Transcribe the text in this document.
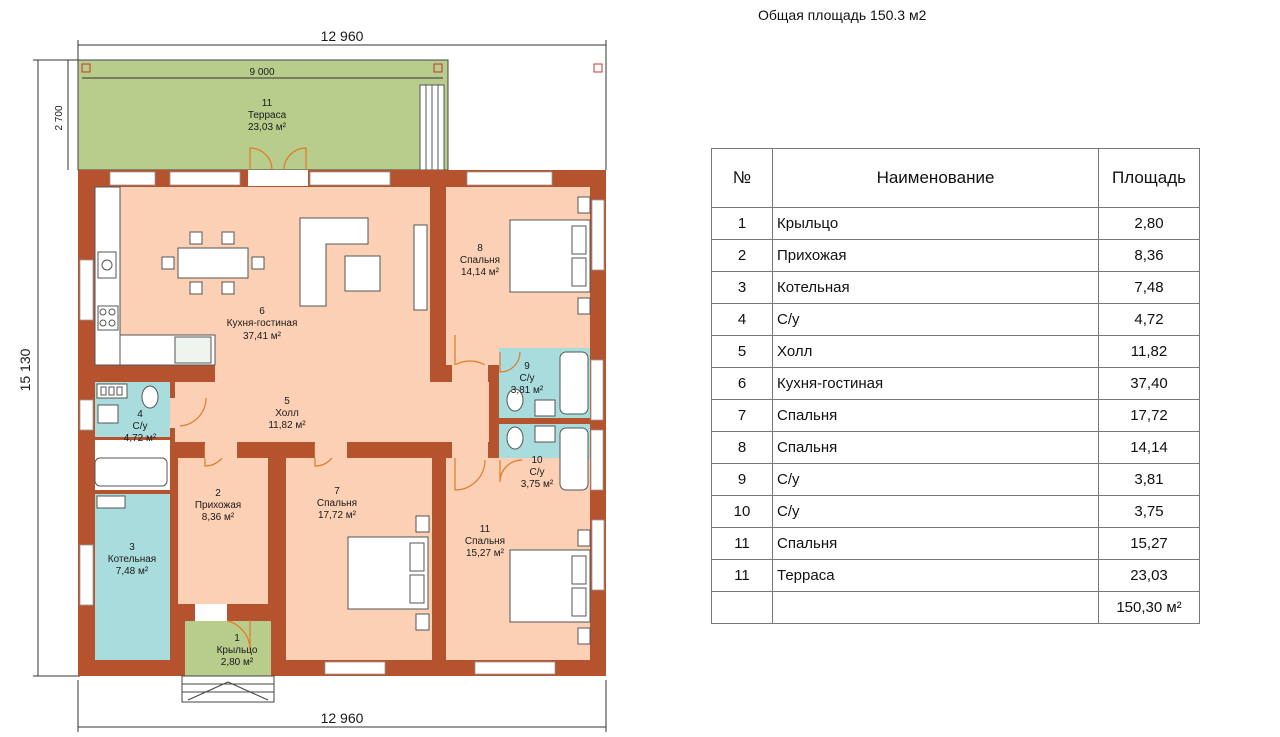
Общая площадь 150.3 м2
12 960
12 960
15 130
2 700
9 000
11
Терраса
23,03 м²
6
Кухня-гостиная
37,41 м²
8
Спальня
14,14 м²
9
С/у
3,81 м²
10
С/у
3,75 м²
4
С/у
4,72 м²
5
Холл
11,82 м²
2
Прихожая
8,36 м²
7
Спальня
17,72 м²
11
Спальня
15,27 м²
3
Котельная
7,48 м²
1
Крыльцо
2,80 м²
№	Наименование	Площадь
1	Крыльцо	2,80
2	Прихожая	8,36
3	Котельная	7,48
4	С/у	4,72
5	Холл	11,82
6	Кухня-гостиная	37,40
7	Спальня	17,72
8	Спальня	14,14
9	С/у	3,81
10	С/у	3,75
11	Спальня	15,27
11	Терраса	23,03
		150,30 м²
